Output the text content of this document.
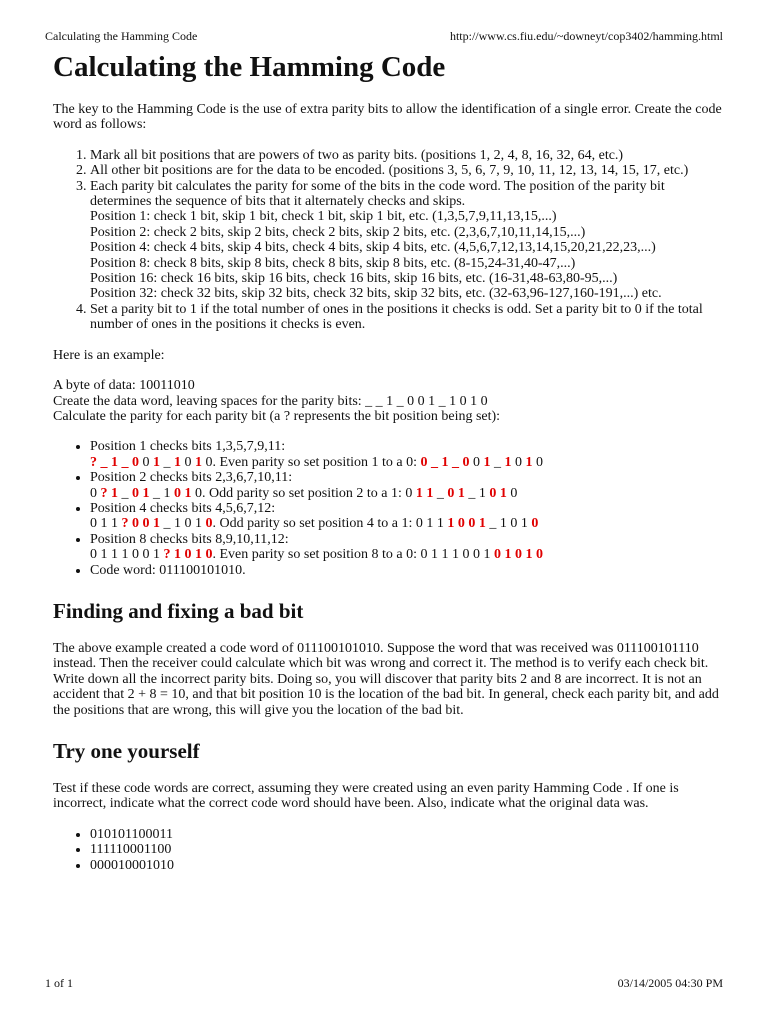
Calculating the Hamming Code	http://www.cs.fiu.edu/~downeyt/cop3402/hamming.html
Calculating the Hamming Code

The key to the Hamming Code is the use of extra parity bits to allow the identification of a single error. Create the code word as follows:

1. Mark all bit positions that are powers of two as parity bits. (positions 1, 2, 4, 8, 16, 32, 64, etc.)
2. All other bit positions are for the data to be encoded. (positions 3, 5, 6, 7, 9, 10, 11, 12, 13, 14, 15, 17, etc.)
3. Each parity bit calculates the parity for some of the bits in the code word. The position of the parity bit determines the sequence of bits that it alternately checks and skips.
Position 1: check 1 bit, skip 1 bit, check 1 bit, skip 1 bit, etc. (1,3,5,7,9,11,13,15,...)
Position 2: check 2 bits, skip 2 bits, check 2 bits, skip 2 bits, etc. (2,3,6,7,10,11,14,15,...)
Position 4: check 4 bits, skip 4 bits, check 4 bits, skip 4 bits, etc. (4,5,6,7,12,13,14,15,20,21,22,23,...)
Position 8: check 8 bits, skip 8 bits, check 8 bits, skip 8 bits, etc. (8-15,24-31,40-47,...)
Position 16: check 16 bits, skip 16 bits, check 16 bits, skip 16 bits, etc. (16-31,48-63,80-95,...)
Position 32: check 32 bits, skip 32 bits, check 32 bits, skip 32 bits, etc. (32-63,96-127,160-191,...) etc.
4. Set a parity bit to 1 if the total number of ones in the positions it checks is odd. Set a parity bit to 0 if the total number of ones in the positions it checks is even.

Here is an example:

A byte of data: 10011010
Create the data word, leaving spaces for the parity bits: _ _ 1 _ 0 0 1 _ 1 0 1 0
Calculate the parity for each parity bit (a ? represents the bit position being set):

• Position 1 checks bits 1,3,5,7,9,11:
? _ 1 _ 0 0 1 _ 1 0 1 0. Even parity so set position 1 to a 0: 0 _ 1 _ 0 0 1 _ 1 0 1 0
• Position 2 checks bits 2,3,6,7,10,11:
0 ? 1 _ 0 1 _ 1 0 1 0. Odd parity so set position 2 to a 1: 0 1 1 _ 0 1 _ 1 0 1 0
• Position 4 checks bits 4,5,6,7,12:
0 1 1 ? 0 0 1 _ 1 0 1 0. Odd parity so set position 4 to a 1: 0 1 1 1 0 0 1 _ 1 0 1 0
• Position 8 checks bits 8,9,10,11,12:
0 1 1 1 0 0 1 ? 1 0 1 0. Even parity so set position 8 to a 0: 0 1 1 1 0 0 1 0 1 0 1 0
• Code word: 011100101010.
Finding and fixing a bad bit

The above example created a code word of 011100101010. Suppose the word that was received was 011100101110 instead. Then the receiver could calculate which bit was wrong and correct it. The method is to verify each check bit. Write down all the incorrect parity bits. Doing so, you will discover that parity bits 2 and 8 are incorrect. It is not an accident that 2 + 8 = 10, and that bit position 10 is the location of the bad bit. In general, check each parity bit, and add the positions that are wrong, this will give you the location of the bad bit.

Try one yourself

Test if these code words are correct, assuming they were created using an even parity Hamming Code . If one is incorrect, indicate what the correct code word should have been. Also, indicate what the original data was.

• 010101100011
• 111110001100
• 000010001010
1 of 1	03/14/2005 04:30 PM
